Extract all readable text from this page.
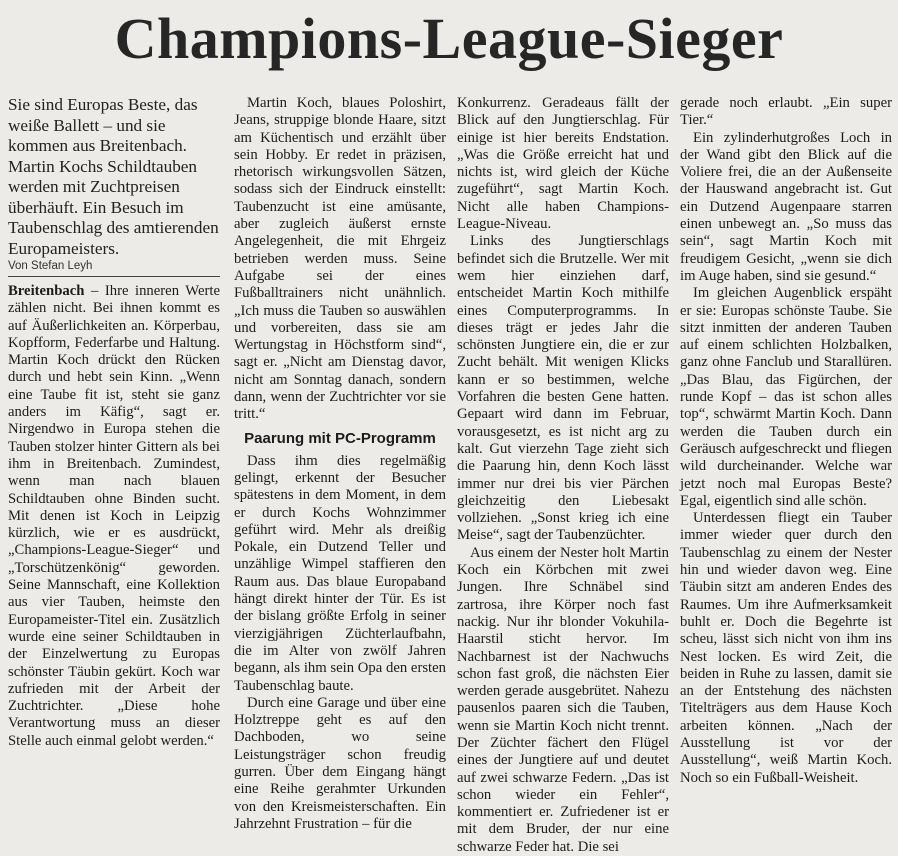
Champions-League-Sieger

Sie sind Europas Beste, das weiße Ballett – und sie kommen aus Breitenbach. Martin Kochs Schildtauben werden mit Zuchtpreisen überhäuft. Ein Besuch im Taubenschlag des amtierenden Europameisters.

Von Stefan Leyh

Breitenbach – Ihre inneren Werte zählen nicht. Bei ihnen kommt es auf Äußerlichkeiten an. Körperbau, Kopfform, Federfarbe und Haltung. Martin Koch drückt den Rücken durch und hebt sein Kinn. „Wenn eine Taube fit ist, steht sie ganz anders im Käfig“, sagt er. Nirgendwo in Europa stehen die Tauben stolzer hinter Gittern als bei ihm in Breitenbach. Zumindest, wenn man nach blauen Schildtauben ohne Binden sucht. Mit denen ist Koch in Leipzig kürzlich, wie er es ausdrückt, „Champions-League-Sieger“ und „Torschützenkönig“ geworden. Seine Mannschaft, eine Kollektion aus vier Tauben, heimste den Europameister-Titel ein. Zusätzlich wurde eine seiner Schildtauben in der Einzelwertung zu Europas schönster Täubin gekürt. Koch war zufrieden mit der Arbeit der Zuchtrichter. „Diese hohe Verantwortung muss an dieser Stelle auch einmal gelobt werden.“

Martin Koch, blaues Poloshirt, Jeans, struppige blonde Haare, sitzt am Küchentisch und erzählt über sein Hobby. Er redet in präzisen, rhetorisch wirkungsvollen Sätzen, sodass sich der Eindruck einstellt: Taubenzucht ist eine amüsante, aber zugleich äußerst ernste Angelegenheit, die mit Ehrgeiz betrieben werden muss. Seine Aufgabe sei der eines Fußballtrainers nicht unähnlich. „Ich muss die Tauben so auswählen und vorbereiten, dass sie am Wertungstag in Höchstform sind“, sagt er. „Nicht am Dienstag davor, nicht am Sonntag danach, sondern dann, wenn der Zuchtrichter vor sie tritt.“

Paarung mit PC-Programm

Dass ihm dies regelmäßig gelingt, erkennt der Besucher spätestens in dem Moment, in dem er durch Kochs Wohnzimmer geführt wird. Mehr als dreißig Pokale, ein Dutzend Teller und unzählige Wimpel staffieren den Raum aus. Das blaue Europaband hängt direkt hinter der Tür. Es ist der bislang größte Erfolg in seiner vierzigjährigen Züchterlaufbahn, die im Alter von zwölf Jahren begann, als ihm sein Opa den ersten Taubenschlag baute.

Durch eine Garage und über eine Holztreppe geht es auf den Dachboden, wo seine Leistungsträger schon freudig gurren. Über dem Eingang hängt eine Reihe gerahmter Urkunden von den Kreismeisterschaften. Ein Jahrzehnt Frustration – für die

Konkurrenz. Geradeaus fällt der Blick auf den Jungtierschlag. Für einige ist hier bereits Endstation. „Was die Größe erreicht hat und nichts ist, wird gleich der Küche zugeführt“, sagt Martin Koch. Nicht alle haben Champions-League-Niveau.

Links des Jungtierschlags befindet sich die Brutzelle. Wer mit wem hier einziehen darf, entscheidet Martin Koch mithilfe eines Computerprogramms. In dieses trägt er jedes Jahr die schönsten Jungtiere ein, die er zur Zucht behält. Mit wenigen Klicks kann er so bestimmen, welche Vorfahren die besten Gene hatten. Gepaart wird dann im Februar, vorausgesetzt, es ist nicht arg zu kalt. Gut vierzehn Tage zieht sich die Paarung hin, denn Koch lässt immer nur drei bis vier Pärchen gleichzeitig den Liebesakt vollziehen. „Sonst krieg ich eine Meise“, sagt der Taubenzüchter.

Aus einem der Nester holt Martin Koch ein Körbchen mit zwei Jungen. Ihre Schnäbel sind zartrosa, ihre Körper noch fast nackig. Nur ihr blonder Vokuhila-Haarstil sticht hervor. Im Nachbarnest ist der Nachwuchs schon fast groß, die nächsten Eier werden gerade ausgebrütet. Nahezu pausenlos paaren sich die Tauben, wenn sie Martin Koch nicht trennt. Der Züchter fächert den Flügel eines der Jungtiere auf und deutet auf zwei schwarze Federn. „Das ist schon wieder ein Fehler“, kommentiert er. Zufriedener ist er mit dem Bruder, der nur eine schwarze Feder hat. Die sei

gerade noch erlaubt. „Ein super Tier.“

Ein zylinderhutgroßes Loch in der Wand gibt den Blick auf die Voliere frei, die an der Außenseite der Hauswand angebracht ist. Gut ein Dutzend Augenpaare starren einen unbewegt an. „So muss das sein“, sagt Martin Koch mit freudigem Gesicht, „wenn sie dich im Auge haben, sind sie gesund.“

Im gleichen Augenblick erspäht er sie: Europas schönste Taube. Sie sitzt inmitten der anderen Tauben auf einem schlichten Holzbalken, ganz ohne Fanclub und Starallüren. „Das Blau, das Figürchen, der runde Kopf – das ist schon alles top“, schwärmt Martin Koch. Dann werden die Tauben durch ein Geräusch aufgeschreckt und fliegen wild durcheinander. Welche war jetzt noch mal Europas Beste? Egal, eigentlich sind alle schön.

Unterdessen fliegt ein Tauber immer wieder quer durch den Taubenschlag zu einem der Nester hin und wieder davon weg. Eine Täubin sitzt am anderen Endes des Raumes. Um ihre Aufmerksamkeit buhlt er. Doch die Begehrte ist scheu, lässt sich nicht von ihm ins Nest locken. Es wird Zeit, die beiden in Ruhe zu lassen, damit sie an der Entstehung des nächsten Titelträgers aus dem Hause Koch arbeiten können. „Nach der Ausstellung ist vor der Ausstellung“, weiß Martin Koch. Noch so ein Fußball-Weisheit.
